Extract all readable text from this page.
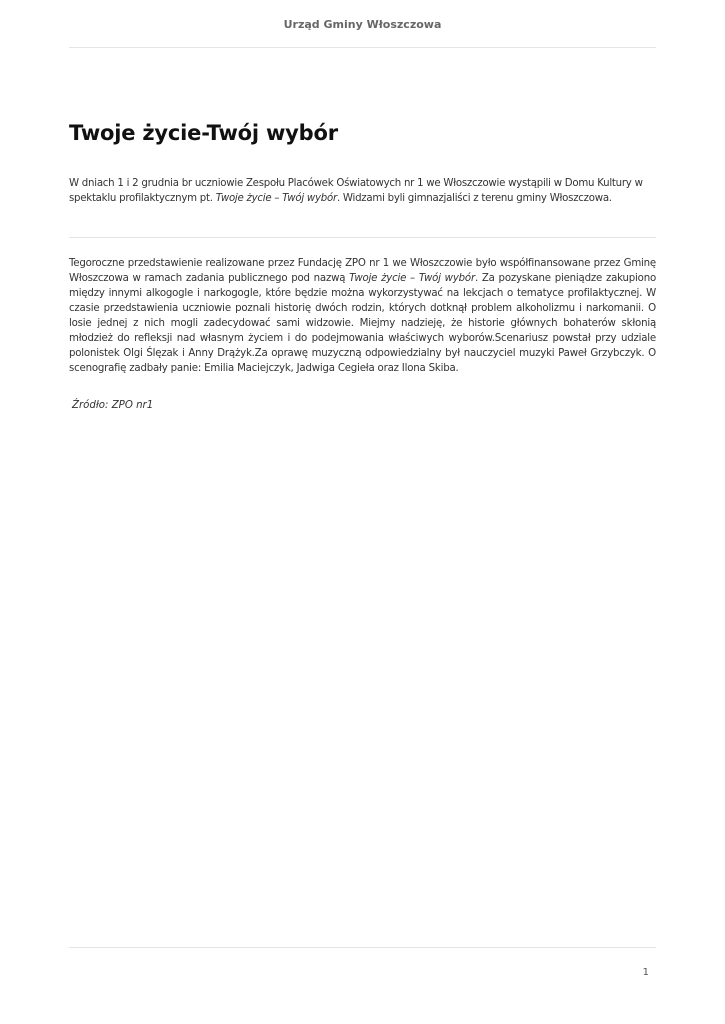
Urząd Gminy Włoszczowa
Twoje życie-Twój wybór

W dniach 1 i 2 grudnia br uczniowie Zespołu Placówek Oświatowych nr 1 we Włoszczowie wystąpili w Domu Kultury w spektaklu profilaktycznym pt. Twoje życie – Twój wybór. Widzami byli gimnazjaliści z terenu gminy Włoszczowa.

Tegoroczne przedstawienie realizowane przez Fundację ZPO nr 1 we Włoszczowie było współfinansowane przez Gminę Włoszczowa w ramach zadania publicznego pod nazwą Twoje życie – Twój wybór. Za pozyskane pieniądze zakupiono między innymi alkogogle i narkogogle, które będzie można wykorzystywać na lekcjach o tematyce profilaktycznej. W czasie przedstawienia uczniowie poznali historię dwóch rodzin, których dotknął problem alkoholizmu i narkomanii. O losie jednej z nich mogli zadecydować sami widzowie. Miejmy nadzieję, że historie głównych bohaterów skłonią młodzież do refleksji nad własnym życiem i do podejmowania właściwych wyborów.Scenariusz powstał przy udziale polonistek Olgi Ślęzak i Anny Drążyk.Za oprawę muzyczną odpowiedzialny był nauczyciel muzyki Paweł Grzybczyk. O scenografię zadbały panie: Emilia Maciejczyk, Jadwiga Cegieła oraz Ilona Skiba.

Źródło: ZPO nr1

1
